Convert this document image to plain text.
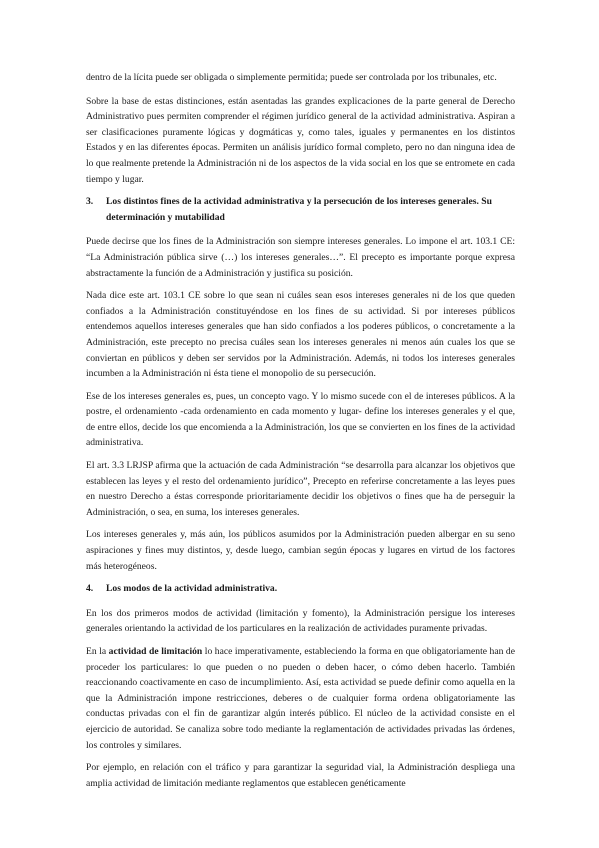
dentro de la lícita puede ser obligada o simplemente permitida; puede ser controlada por los tribunales, etc.

Sobre la base de estas distinciones, están asentadas las grandes explicaciones de la parte general de Derecho Administrativo pues permiten comprender el régimen jurídico general de la actividad administrativa. Aspiran a ser clasificaciones puramente lógicas y dogmáticas y, como tales, iguales y permanentes en los distintos Estados y en las diferentes épocas. Permiten un análisis jurídico formal completo, pero no dan ninguna idea de lo que realmente pretende la Administración ni de los aspectos de la vida social en los que se entromete en cada tiempo y lugar.

3.	Los distintos fines de la actividad administrativa y la persecución de los intereses generales. Su determinación y mutabilidad

Puede decirse que los fines de la Administración son siempre intereses generales. Lo impone el art. 103.1 CE: “La Administración pública sirve (…) los intereses generales…”. El precepto es importante porque expresa abstractamente la función de a Administración y justifica su posición.

Nada dice este art. 103.1 CE sobre lo que sean ni cuáles sean esos intereses generales ni de los que queden confiados a la Administración constituyéndose en los fines de su actividad. Si por intereses públicos entendemos aquellos intereses generales que han sido confiados a los poderes públicos, o concretamente a la Administración, este precepto no precisa cuáles sean los intereses generales ni menos aún cuales los que se conviertan en públicos y deben ser servidos por la Administración. Además, ni todos los intereses generales incumben a la Administración ni ésta tiene el monopolio de su persecución.

Ese de los intereses generales es, pues, un concepto vago. Y lo mismo sucede con el de intereses públicos. A la postre, el ordenamiento -cada ordenamiento en cada momento y lugar- define los intereses generales y el que, de entre ellos, decide los que encomienda a la Administración, los que se convierten en los fines de la actividad administrativa.

El art. 3.3 LRJSP afirma que la actuación de cada Administración “se desarrolla para alcanzar los objetivos que establecen las leyes y el resto del ordenamiento jurídico”, Precepto en referirse concretamente a las leyes pues en nuestro Derecho a éstas corresponde prioritariamente decidir los objetivos o fines que ha de perseguir la Administración, o sea, en suma, los intereses generales.

Los intereses generales y, más aún, los públicos asumidos por la Administración pueden albergar en su seno aspiraciones y fines muy distintos, y, desde luego, cambian según épocas y lugares en virtud de los factores más heterogéneos.

4.	Los modos de la actividad administrativa.

En los dos primeros modos de actividad (limitación y fomento), la Administración persigue los intereses generales orientando la actividad de los particulares en la realización de actividades puramente privadas.

En la actividad de limitación lo hace imperativamente, estableciendo la forma en que obligatoriamente han de proceder los particulares: lo que pueden o no pueden o deben hacer, o cómo deben hacerlo. También reaccionando coactivamente en caso de incumplimiento. Así, esta actividad se puede definir como aquella en la que la Administración impone restricciones, deberes o de cualquier forma ordena obligatoriamente las conductas privadas con el fin de garantizar algún interés público. El núcleo de la actividad consiste en el ejercicio de autoridad. Se canaliza sobre todo mediante la reglamentación de actividades privadas las órdenes, los controles y similares.

Por ejemplo, en relación con el tráfico y para garantizar la seguridad vial, la Administración despliega una amplia actividad de limitación mediante reglamentos que establecen genéticamente
